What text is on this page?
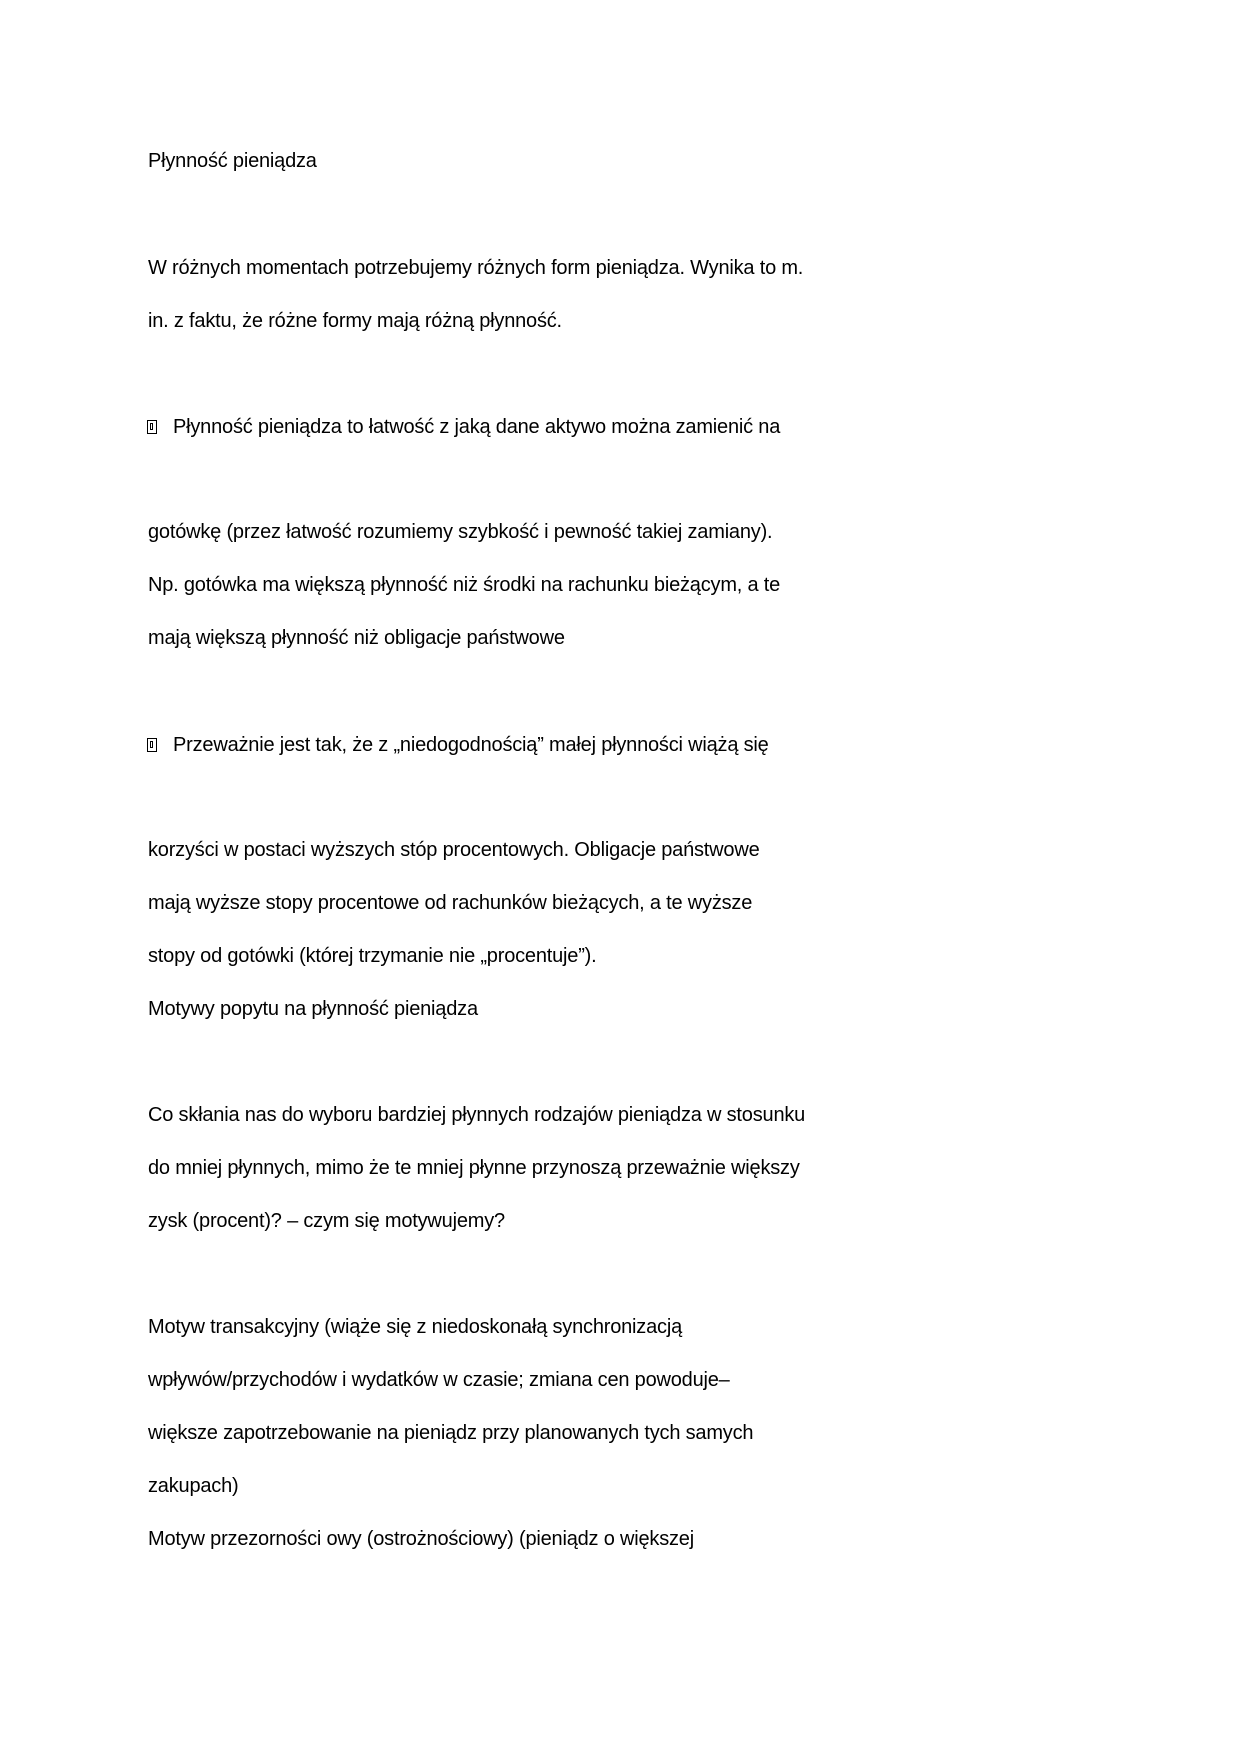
Płynność pieniądza
W różnych momentach potrzebujemy różnych form pieniądza. Wynika to m.
in. z faktu, że różne formy mają różną płynność.
Płynność pieniądza to łatwość z jaką dane aktywo można zamienić na
gotówkę (przez łatwość rozumiemy szybkość i pewność takiej zamiany).
Np. gotówka ma większą płynność niż środki na rachunku bieżącym, a te
mają większą płynność niż obligacje państwowe
Przeważnie jest tak, że z „niedogodnością” małej płynności wiążą się
korzyści w postaci wyższych stóp procentowych. Obligacje państwowe
mają wyższe stopy procentowe od rachunków bieżących, a te wyższe
stopy od gotówki (której trzymanie nie „procentuje”).
Motywy popytu na płynność pieniądza
Co skłania nas do wyboru bardziej płynnych rodzajów pieniądza w stosunku
do mniej płynnych, mimo że te mniej płynne przynoszą przeważnie większy
zysk (procent)? – czym się motywujemy?
Motyw transakcyjny (wiąże się z niedoskonałą synchronizacją
wpływów/przychodów i wydatków w czasie; zmiana cen powoduje–
większe zapotrzebowanie na pieniądz przy planowanych tych samych
zakupach)
Motyw przezorności owy (ostrożnościowy) (pieniądz o większej
